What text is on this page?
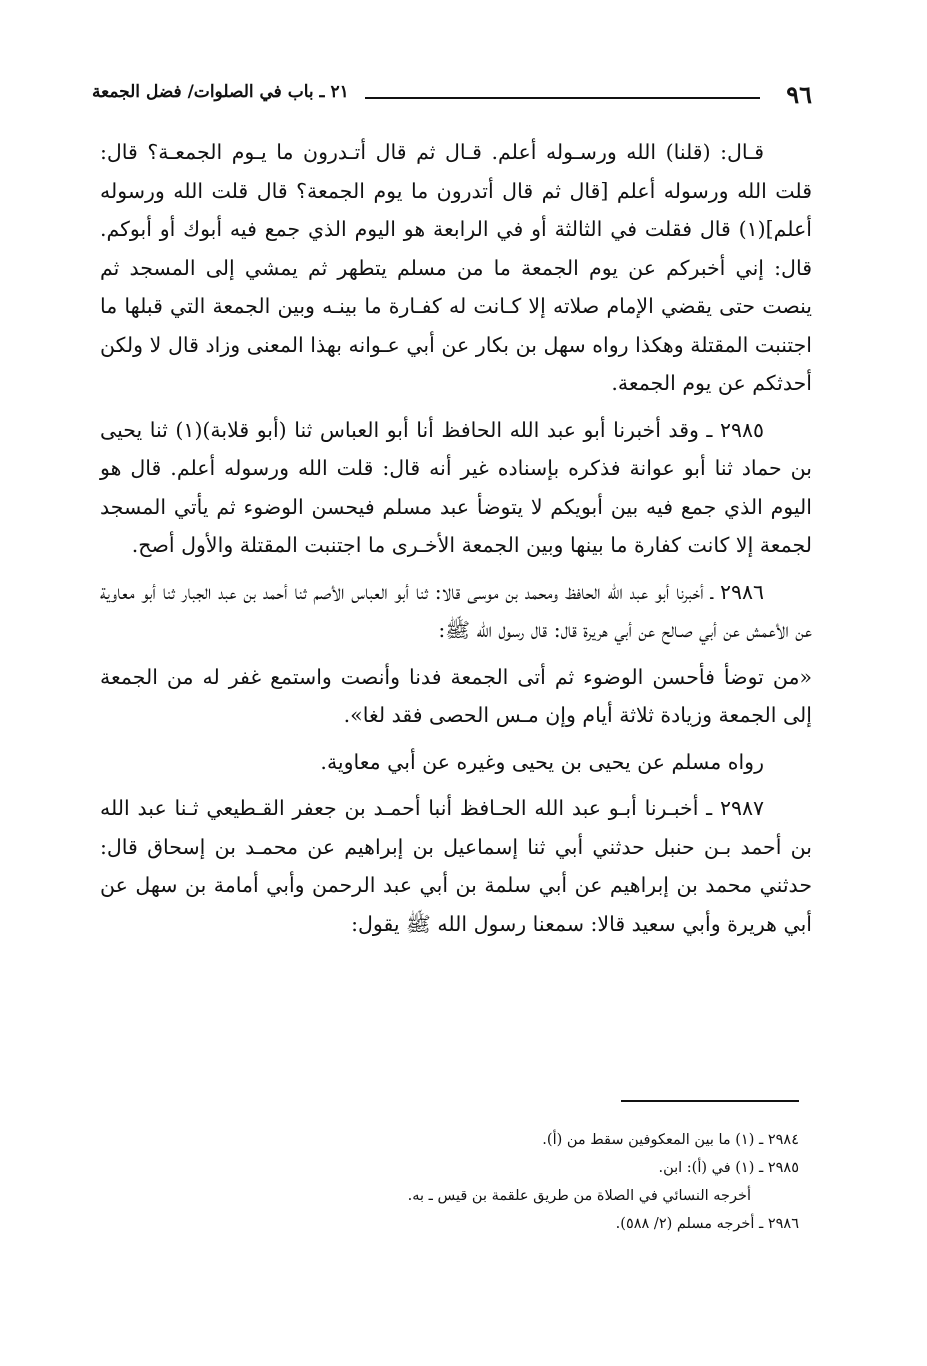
٩٦
٢١ ـ باب في الصلوات/ فضل الجمعة

قـال: (قلنا) الله ورسـوله أعلم. قـال ثم قال أتـدرون ما يـوم الجمعـة؟ قال: قلت الله ورسوله أعلم [قال ثم قال أتدرون ما يوم الجمعة؟ قال قلت الله ورسوله أعلم](١) قال فقلت في الثالثة أو في الرابعة هو اليوم الذي جمع فيه أبوك أو أبوكم. قال: إني أخبركم عن يوم الجمعة ما من مسلم يتطهر ثم يمشي إلى المسجد ثم ينصت حتى يقضي الإمام صلاته إلا كـانت له كفـارة ما بينـه وبين الجمعة التي قبلها ما اجتنبت المقتلة وهكذا رواه سهل بن بكار عن أبي عـوانه بهذا المعنى وزاد قال لا ولكن أحدثكم عن يوم الجمعة.

٢٩٨٥ ـ وقد أخبرنا أبو عبد الله الحافظ أنا أبو العباس ثنا (أبو قلابة)(١) ثنا يحيى بن حماد ثنا أبو عوانة فذكره بإسناده غير أنه قال: قلت الله ورسوله أعلم. قال هو اليوم الذي جمع فيه بين أبويكم لا يتوضأ عبد مسلم فيحسن الوضوء ثم يأتي المسجد لجمعة إلا كانت كفارة ما بينها وبين الجمعة الأخـرى ما اجتنبت المقتلة والأول أصح.

٢٩٨٦ ـ أخبرنا أبو عبد الله الحافظ ومحمد بن موسى قالا: ثنا أبو العباس الأصم ثنا أحمد بن عبد الجبار ثنا أبو معاوية عن الأعمش عن أبي صـالح عن أبي هريرة قال: قال رسول الله ﷺ:

«من توضأ فأحسن الوضوء ثم أتى الجمعة فدنا وأنصت واستمع غفر له من الجمعة إلى الجمعة وزيادة ثلاثة أيام وإن مـس الحصى فقد لغا».

رواه مسلم عن يحيى بن يحيى وغيره عن أبي معاوية.

٢٩٨٧ ـ أخبـرنا أبـو عبد الله الحـافظ أنبا أحمـد بن جعفر القـطيعي ثـنا عبد الله بن أحمد بـن حنبل حدثني أبي ثنا إسماعيل بن إبراهيم عن محمـد بن إسحاق قال: حدثني محمد بن إبراهيم عن أبي سلمة بن أبي عبد الرحمن وأبي أمامة بن سهل عن أبي هريرة وأبي سعيد قالا: سمعنا رسول الله ﷺ يقول:

٢٩٨٤ ـ (١) ما بين المعكوفين سقط من (أ).

٢٩٨٥ ـ (١) في (أ): ابن.

أخرجه النسائي في الصلاة من طريق علقمة بن قيس ـ به.

٢٩٨٦ ـ أخرجه مسلم (٢/ ٥٨٨).
